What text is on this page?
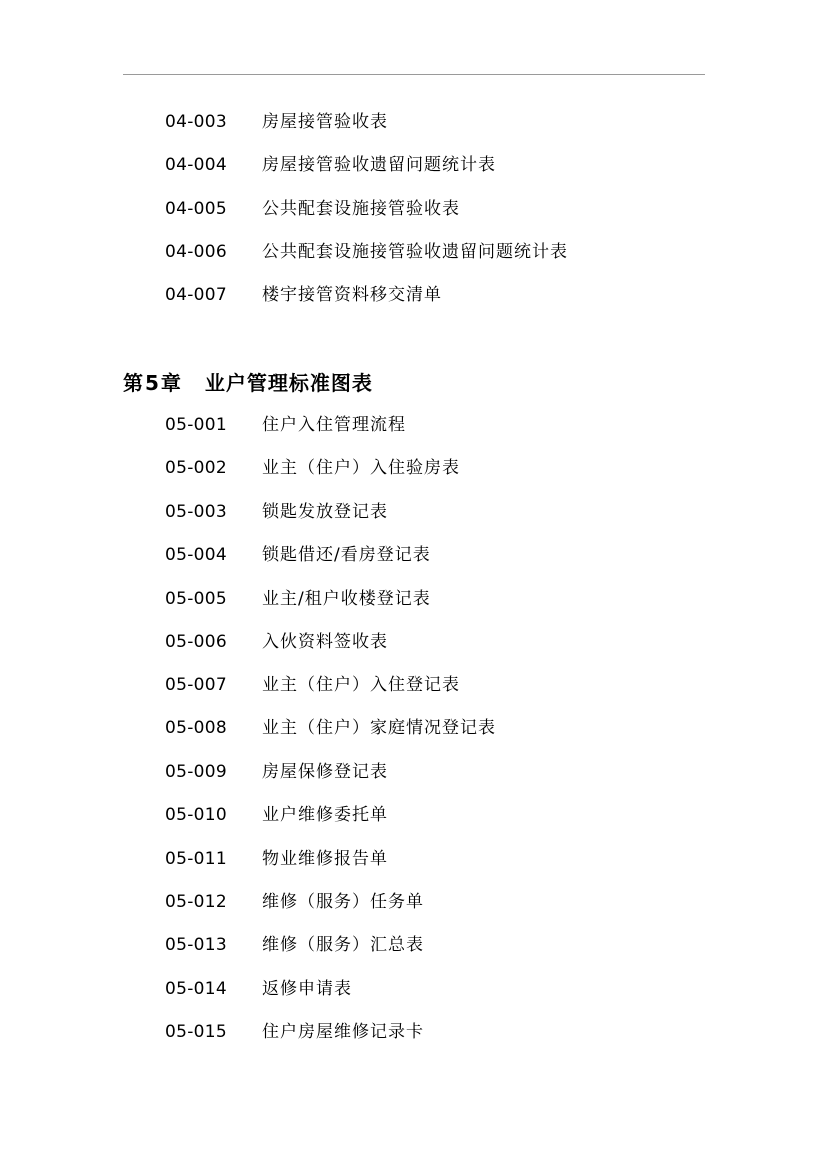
04-003 房屋接管验收表
04-004 房屋接管验收遗留问题统计表
04-005 公共配套设施接管验收表
04-006 公共配套设施接管验收遗留问题统计表
04-007 楼宇接管资料移交清单
第5章 业户管理标准图表
05-001 住户入住管理流程
05-002 业主（住户）入住验房表
05-003 锁匙发放登记表
05-004 锁匙借还/看房登记表
05-005 业主/租户收楼登记表
05-006 入伙资料签收表
05-007 业主（住户）入住登记表
05-008 业主（住户）家庭情况登记表
05-009 房屋保修登记表
05-010 业户维修委托单
05-011 物业维修报告单
05-012 维修（服务）任务单
05-013 维修（服务）汇总表
05-014 返修申请表
05-015 住户房屋维修记录卡
